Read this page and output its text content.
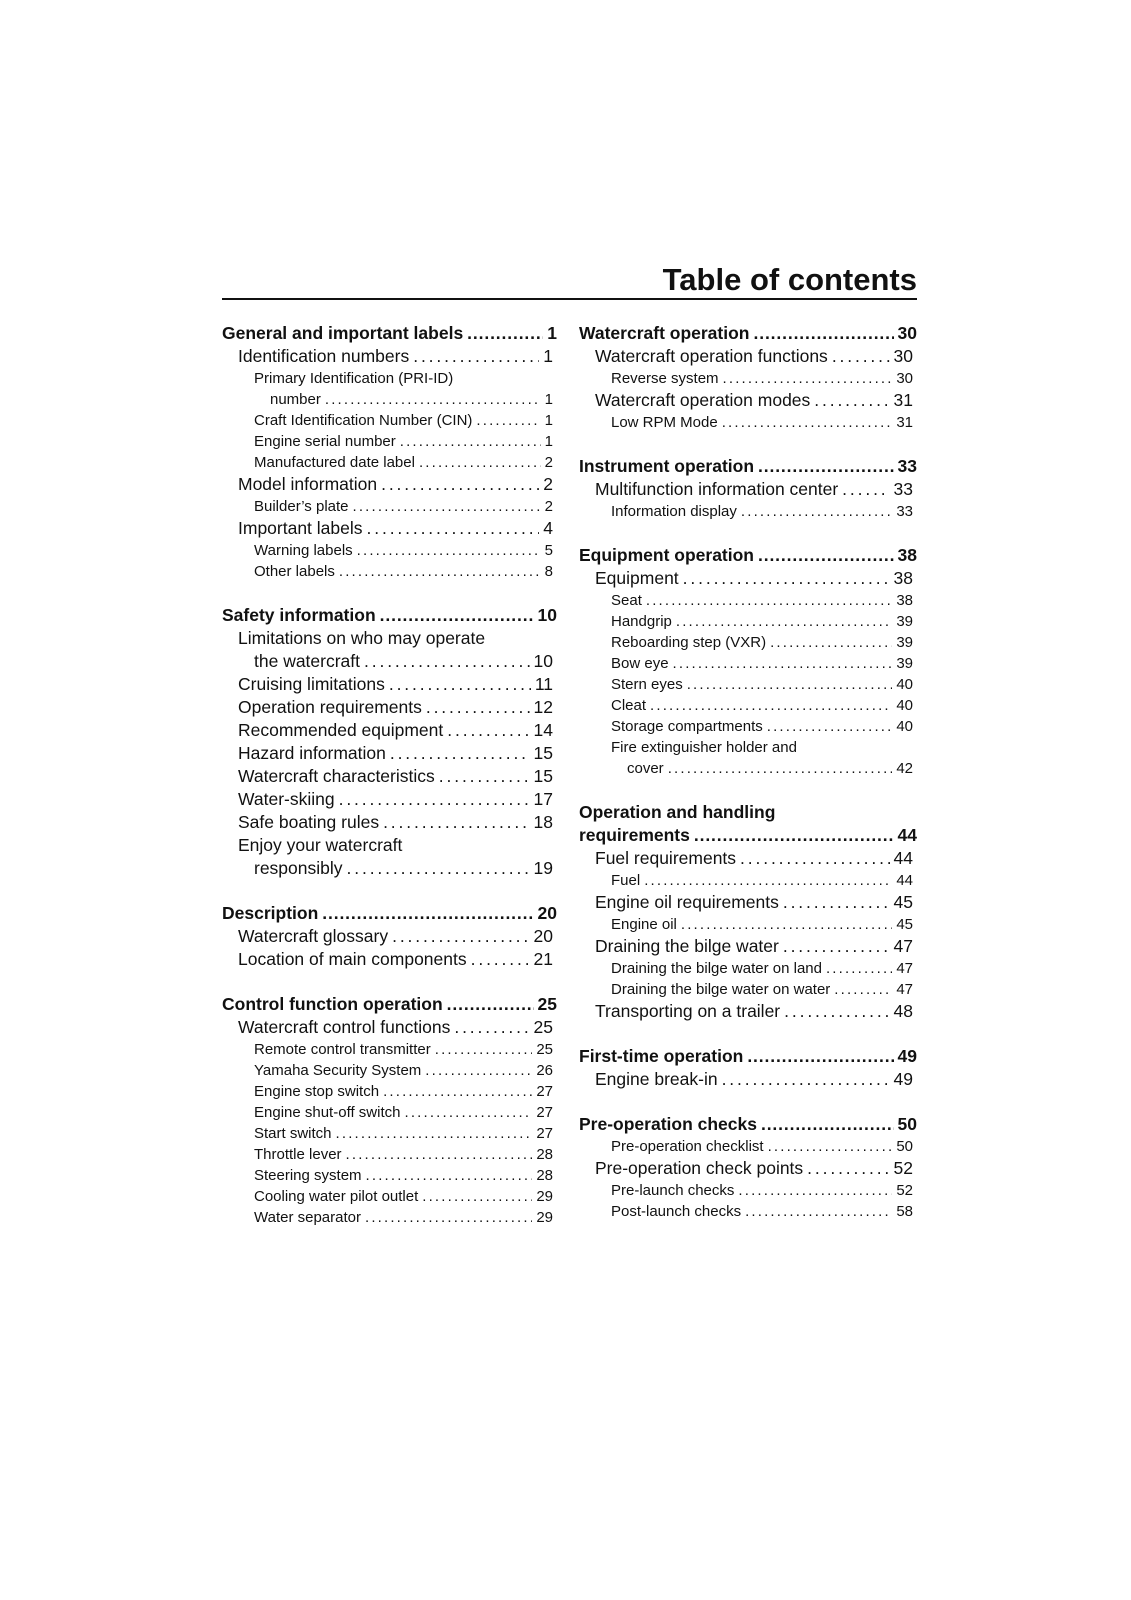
Table of contents
General and important labels . . .	1
Identification numbers . . .	1
Primary Identification (PRI-ID)
number . . .	1
Craft Identification Number (CIN) . . .	1
Engine serial number . . .	1
Manufactured date label . . .	2
Model information . . .	2
Builder’s plate . . .	2
Important labels . . .	4
Warning labels . . .	5
Other labels . . .	8
Safety information . . .	10
Limitations on who may operate
the watercraft . . .	10
Cruising limitations . . .	11
Operation requirements . . .	12
Recommended equipment . . .	14
Hazard information . . .	15
Watercraft characteristics . . .	15
Water-skiing . . .	17
Safe boating rules . . .	18
Enjoy your watercraft
responsibly . . .	19
Description . . .	20
Watercraft glossary . . .	20
Location of main components . . .	21
Control function operation . . .	25
Watercraft control functions . . .	25
Remote control transmitter . . .	25
Yamaha Security System . . .	26
Engine stop switch . . .	27
Engine shut-off switch . . .	27
Start switch . . .	27
Throttle lever . . .	28
Steering system . . .	28
Cooling water pilot outlet . . .	29
Water separator . . .	29
Watercraft operation . . .	30
Watercraft operation functions . . .	30
Reverse system . . .	30
Watercraft operation modes . . .	31
Low RPM Mode . . .	31
Instrument operation . . .	33
Multifunction information center . . .	33
Information display . . .	33
Equipment operation . . .	38
Equipment . . .	38
Seat . . .	38
Handgrip . . .	39
Reboarding step (VXR) . . .	39
Bow eye . . .	39
Stern eyes . . .	40
Cleat . . .	40
Storage compartments . . .	40
Fire extinguisher holder and
cover . . .	42
Operation and handling
requirements . . .	44
Fuel requirements . . .	44
Fuel . . .	44
Engine oil requirements . . .	45
Engine oil . . .	45
Draining the bilge water . . .	47
Draining the bilge water on land . . .	47
Draining the bilge water on water . . .	47
Transporting on a trailer . . .	48
First-time operation . . .	49
Engine break-in . . .	49
Pre-operation checks . . .	50
Pre-operation checklist . . .	50
Pre-operation check points . . .	52
Pre-launch checks . . .	52
Post-launch checks . . .	58
